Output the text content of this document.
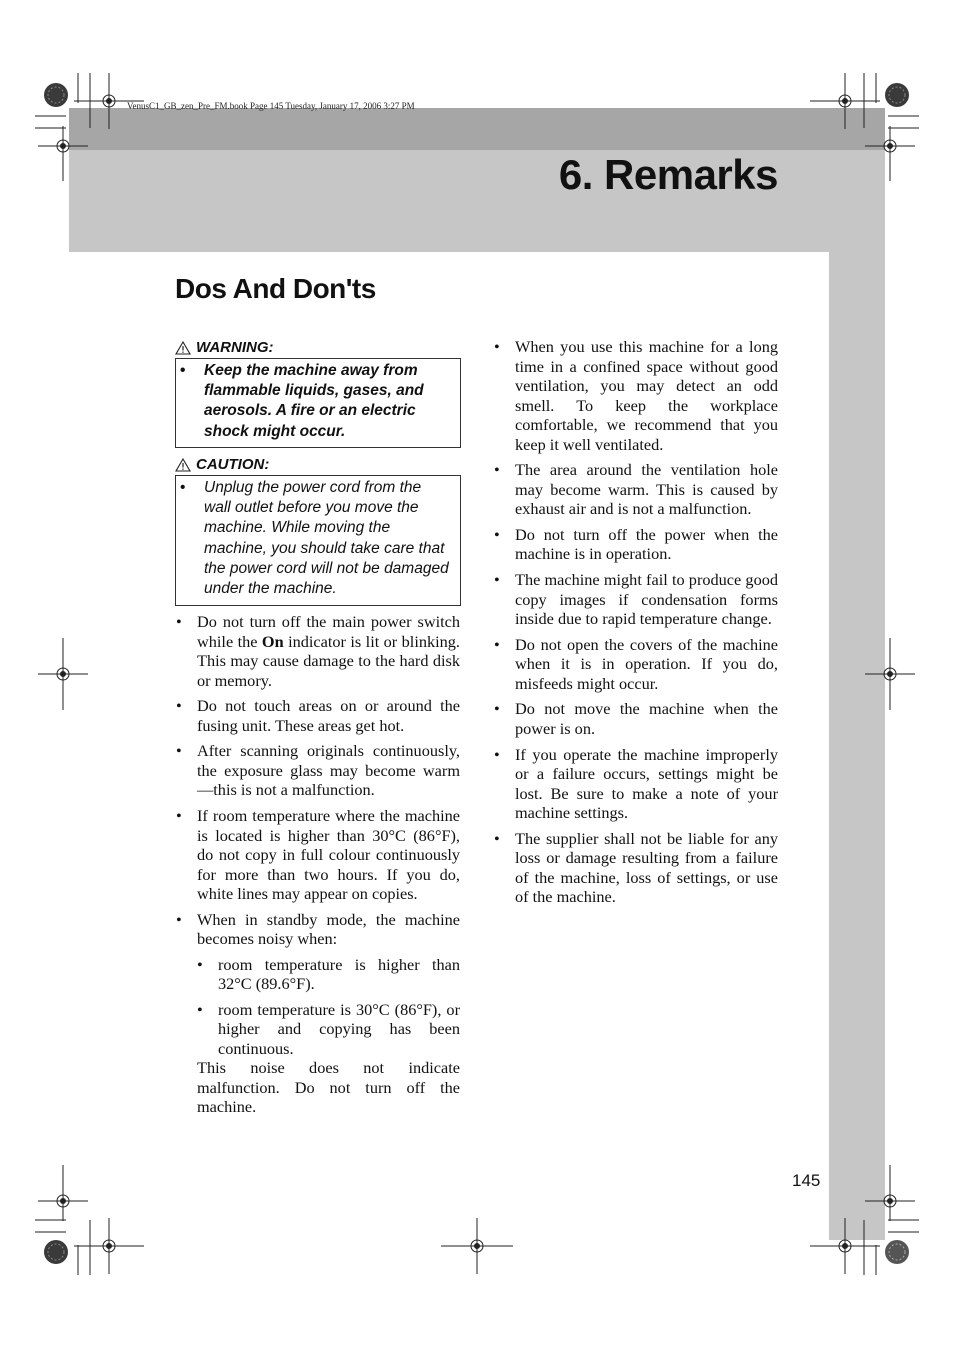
VenusC1_GB_zen_Pre_FM.book Page 145 Tuesday, January 17, 2006 3:27 PM
6. Remarks
Dos And Don'ts
WARNING:
•	Keep the machine away from flammable liquids, gases, and aerosols. A fire or an electric shock might occur.
CAUTION:
•	Unplug the power cord from the wall outlet before you move the machine. While moving the machine, you should take care that the power cord will not be damaged under the machine.
• Do not turn off the main power switch while the On indicator is lit or blinking. This may cause damage to the hard disk or memory.
• Do not touch areas on or around the fusing unit. These areas get hot.
• After scanning originals continuously, the exposure glass may become warm—this is not a malfunction.
• If room temperature where the machine is located is higher than 30°C (86°F), do not copy in full colour continuously for more than two hours. If you do, white lines may appear on copies.
• When in standby mode, the machine becomes noisy when:
• room temperature is higher than 32°C (89.6°F).
• room temperature is 30°C (86°F), or higher and copying has been continuous.
This noise does not indicate malfunction. Do not turn off the machine.
• When you use this machine for a long time in a confined space without good ventilation, you may detect an odd smell. To keep the workplace comfortable, we recommend that you keep it well ventilated.
• The area around the ventilation hole may become warm. This is caused by exhaust air and is not a malfunction.
• Do not turn off the power when the machine is in operation.
• The machine might fail to produce good copy images if condensation forms inside due to rapid temperature change.
• Do not open the covers of the machine when it is in operation. If you do, misfeeds might occur.
• Do not move the machine when the power is on.
• If you operate the machine improperly or a failure occurs, settings might be lost. Be sure to make a note of your machine settings.
• The supplier shall not be liable for any loss or damage resulting from a failure of the machine, loss of settings, or use of the machine.
145
